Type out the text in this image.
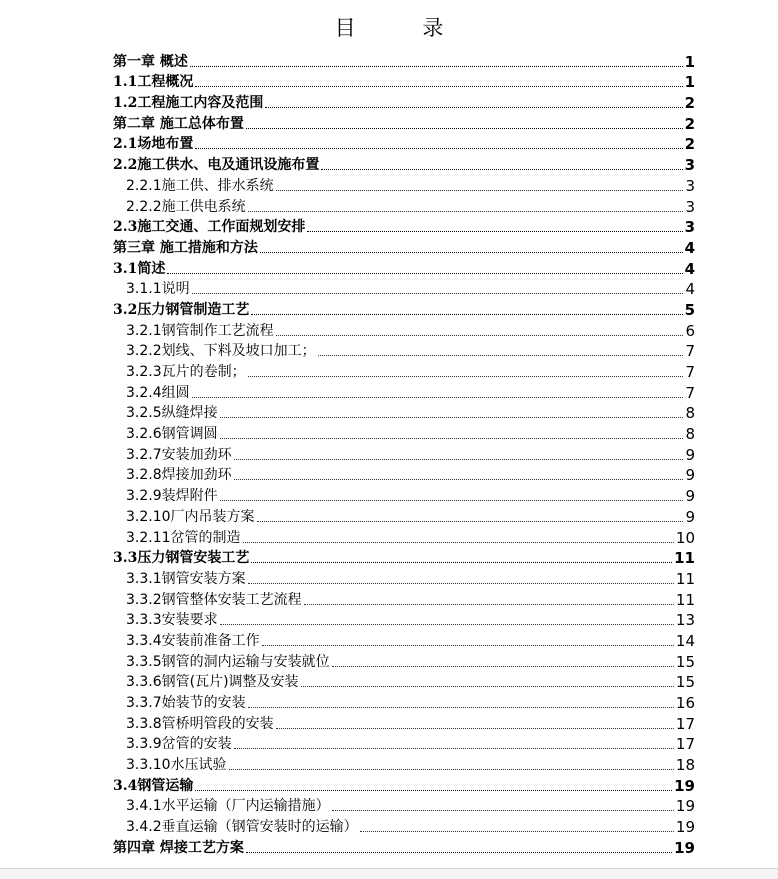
目 录
第一章 概述	1
1.1工程概况	1
1.2工程施工内容及范围	2
第二章 施工总体布置	2
2.1场地布置	2
2.2施工供水、电及通讯设施布置	3
2.2.1施工供、排水系统	3
2.2.2施工供电系统	3
2.3施工交通、工作面规划安排	3
第三章 施工措施和方法	4
3.1简述	4
3.1.1说明	4
3.2压力钢管制造工艺	5
3.2.1钢管制作工艺流程	6
3.2.2划线、下料及坡口加工；	7
3.2.3瓦片的卷制；	7
3.2.4组圆	7
3.2.5纵缝焊接	8
3.2.6钢管调圆	8
3.2.7安装加劲环	9
3.2.8焊接加劲环	9
3.2.9装焊附件	9
3.2.10厂内吊装方案	9
3.2.11岔管的制造	10
3.3压力钢管安装工艺	11
3.3.1钢管安装方案	11
3.3.2钢管整体安装工艺流程	11
3.3.3安装要求	13
3.3.4安装前准备工作	14
3.3.5钢管的洞内运输与安装就位	15
3.3.6钢管(瓦片)调整及安装	15
3.3.7始装节的安装	16
3.3.8管桥明管段的安装	17
3.3.9岔管的安装	17
3.3.10水压试验	18
3.4钢管运输	19
3.4.1水平运输（厂内运输措施）	19
3.4.2垂直运输（钢管安装时的运输）	19
第四章 焊接工艺方案	19
